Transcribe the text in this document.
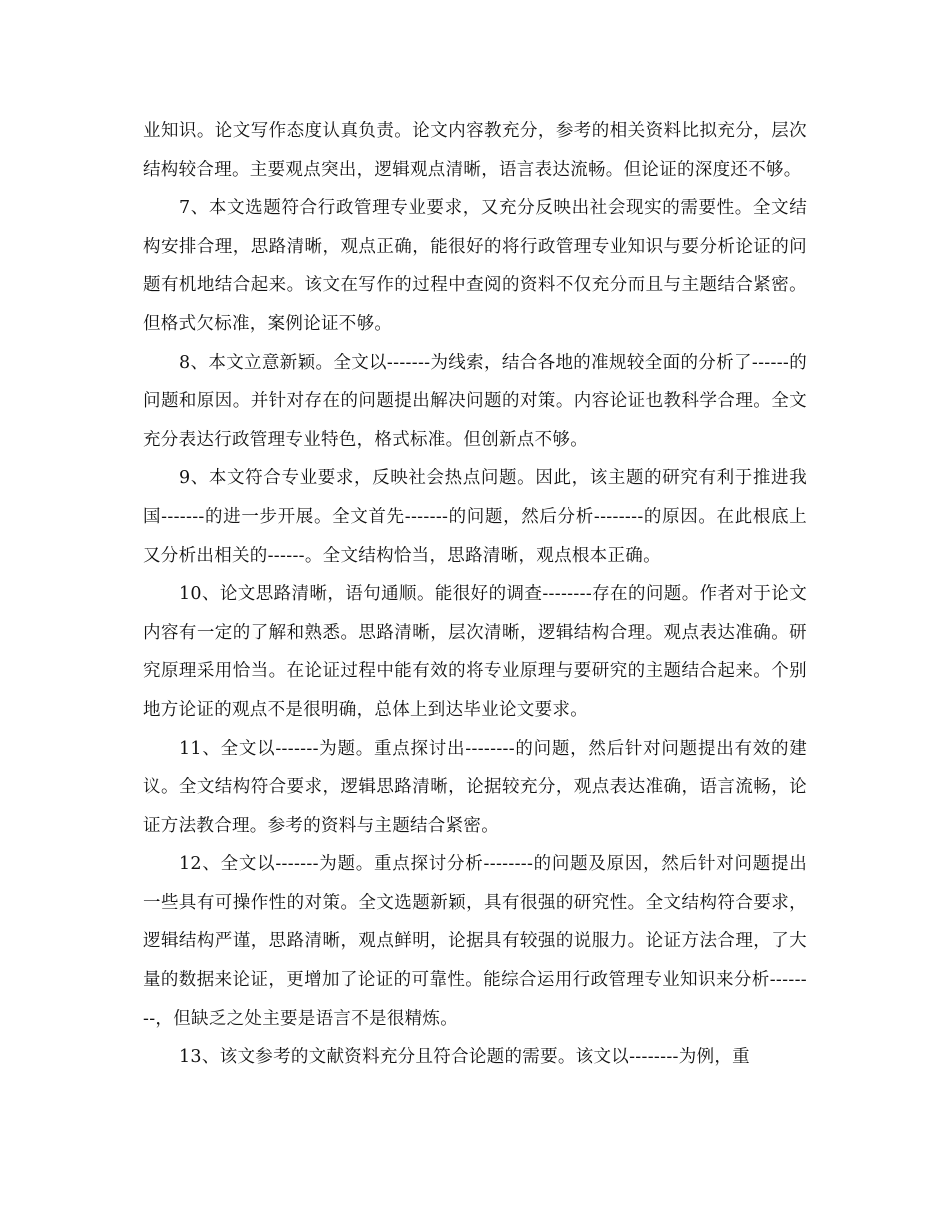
业知识。论文写作态度认真负责。论文内容教充分，参考的相关资料比拟充分，层次结构较合理。主要观点突出，逻辑观点清晰，语言表达流畅。但论证的深度还不够。

7、本文选题符合行政管理专业要求，又充分反映出社会现实的需要性。全文结构安排合理，思路清晰，观点正确，能很好的将行政管理专业知识与要分析论证的问题有机地结合起来。该文在写作的过程中查阅的资料不仅充分而且与主题结合紧密。但格式欠标准，案例论证不够。

8、本文立意新颖。全文以-------为线索，结合各地的准规较全面的分析了------的问题和原因。并针对存在的问题提出解决问题的对策。内容论证也教科学合理。全文充分表达行政管理专业特色，格式标准。但创新点不够。

9、本文符合专业要求，反映社会热点问题。因此，该主题的研究有利于推进我国-------的进一步开展。全文首先-------的问题，然后分析--------的原因。在此根底上又分析出相关的------。全文结构恰当，思路清晰，观点根本正确。

10、论文思路清晰，语句通顺。能很好的调查--------存在的问题。作者对于论文内容有一定的了解和熟悉。思路清晰，层次清晰，逻辑结构合理。观点表达准确。研究原理采用恰当。在论证过程中能有效的将专业原理与要研究的主题结合起来。个别地方论证的观点不是很明确，总体上到达毕业论文要求。

11、全文以-------为题。重点探讨出--------的问题，然后针对问题提出有效的建议。全文结构符合要求，逻辑思路清晰，论据较充分，观点表达准确，语言流畅，论证方法教合理。参考的资料与主题结合紧密。

12、全文以-------为题。重点探讨分析--------的问题及原因，然后针对问题提出一些具有可操作性的对策。全文选题新颖，具有很强的研究性。全文结构符合要求，逻辑结构严谨，思路清晰，观点鲜明，论据具有较强的说服力。论证方法合理，了大量的数据来论证，更增加了论证的可靠性。能综合运用行政管理专业知识来分析--------，但缺乏之处主要是语言不是很精炼。

13、该文参考的文献资料充分且符合论题的需要。该文以--------为例，重
